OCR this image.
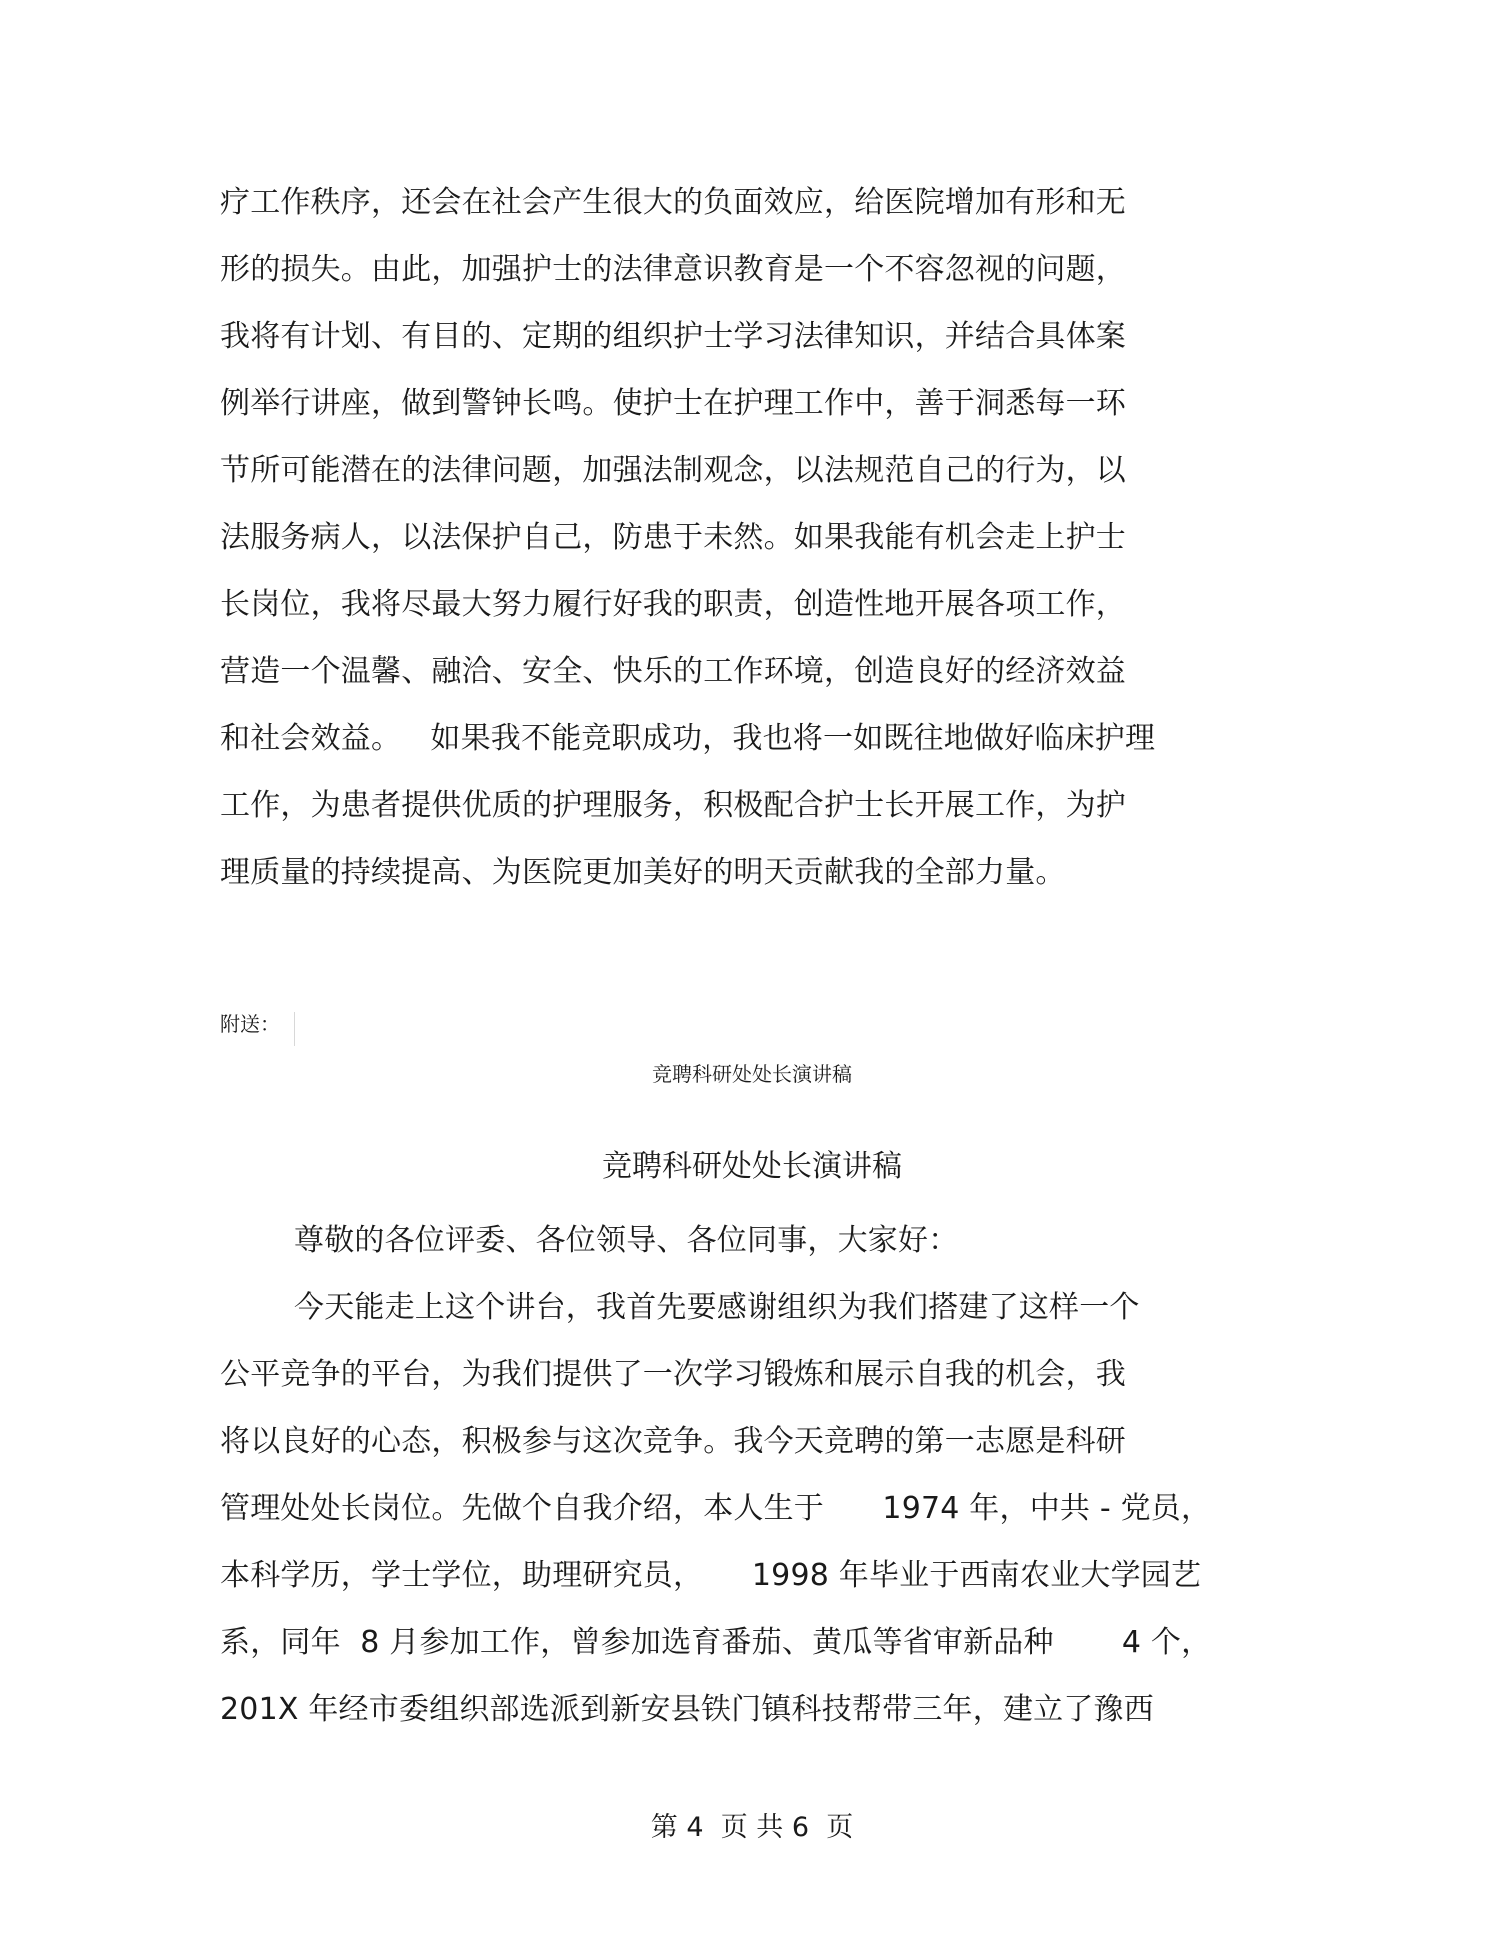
疗工作秩序，还会在社会产生很大的负面效应，给医院增加有形和无
形的损失。由此，加强护士的法律意识教育是一个不容忽视的问题，
我将有计划、有目的、定期的组织护士学习法律知识，并结合具体案
例举行讲座，做到警钟长鸣。使护士在护理工作中，善于洞悉每一环
节所可能潜在的法律问题，加强法制观念，以法规范自己的行为，以
法服务病人，以法保护自己，防患于未然。如果我能有机会走上护士
长岗位，我将尽最大努力履行好我的职责，创造性地开展各项工作，
营造一个温馨、融洽、安全、快乐的工作环境，创造良好的经济效益
和社会效益。   如果我不能竞职成功，我也将一如既往地做好临床护理
工作，为患者提供优质的护理服务，积极配合护士长开展工作，为护
理质量的持续提高、为医院更加美好的明天贡献我的全部力量。
附送：
竞聘科研处处长演讲稿
竞聘科研处处长演讲稿
尊敬的各位评委、各位领导、各位同事，大家好：
今天能走上这个讲台，我首先要感谢组织为我们搭建了这样一个
公平竞争的平台，为我们提供了一次学习锻炼和展示自我的机会，我
将以良好的心态，积极参与这次竞争。我今天竞聘的第一志愿是科研
管理处处长岗位。先做个自我介绍，本人生于      1974 年，中共 - 党员，
本科学历，学士学位，助理研究员，     1998 年毕业于西南农业大学园艺
系，同年  8 月参加工作，曾参加选育番茄、黄瓜等省审新品种       4 个，
201X 年经市委组织部选派到新安县铁门镇科技帮带三年，建立了豫西
第 4  页 共 6  页
